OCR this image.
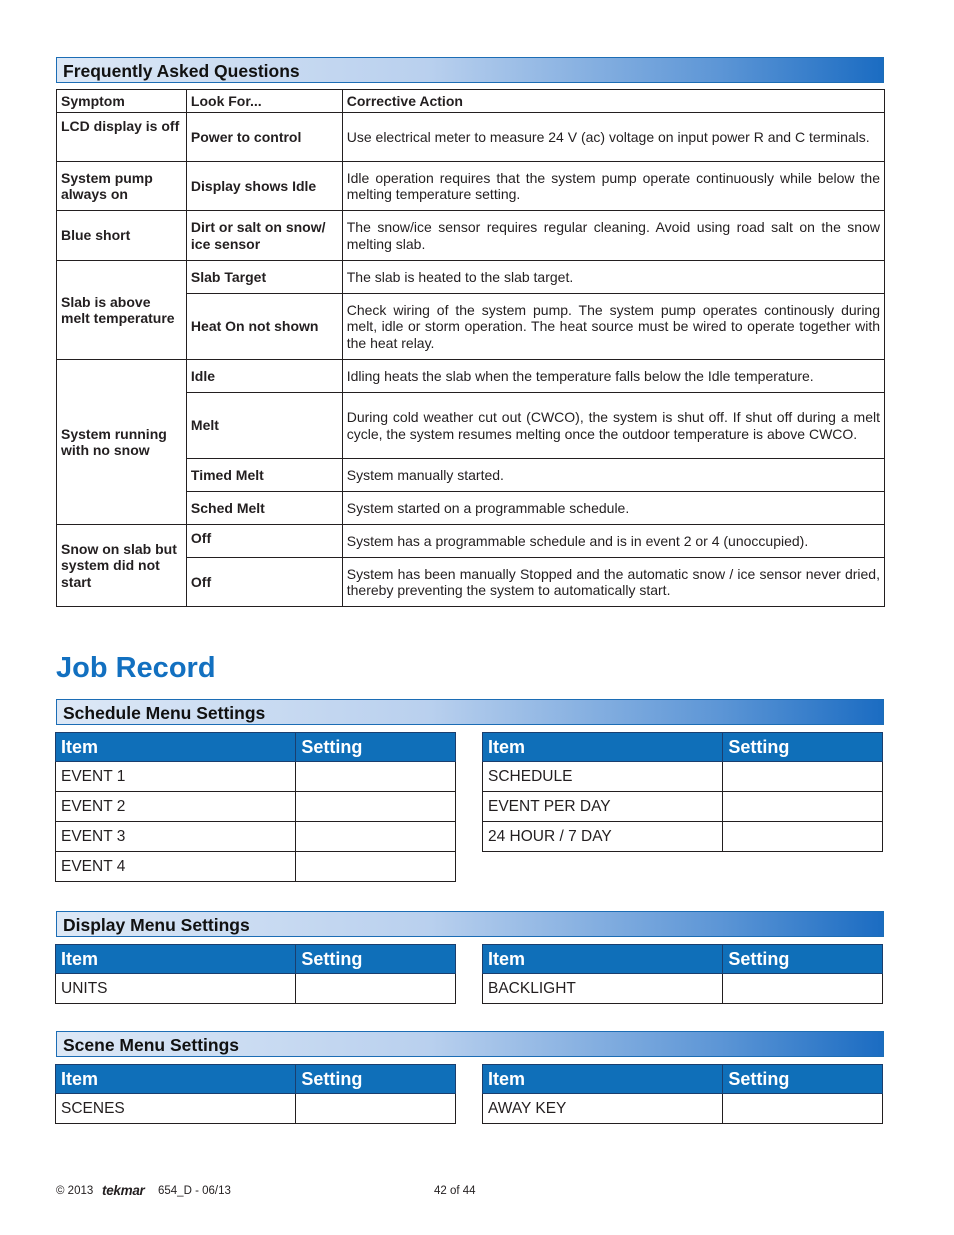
Frequently Asked Questions
Symptom	Look For...	Corrective Action
LCD display is off	Power to control	Use electrical meter to measure 24 V (ac) voltage on input power R and C terminals.
System pump always on	Display shows Idle	Idle operation requires that the system pump operate continuously while below the melting temperature setting.
Blue short	Dirt or salt on snow/ ice sensor	The snow/ice sensor requires regular cleaning. Avoid using road salt on the snow melting slab.
Slab is above melt temperature	Slab Target	The slab is heated to the slab target.
	Heat On not shown	Check wiring of the system pump. The system pump operates continously during melt, idle or storm operation. The heat source must be wired to operate together with the heat relay.
System running with no snow	Idle	Idling heats the slab when the temperature falls below the Idle temperature.
	Melt	During cold weather cut out (CWCO), the system is shut off. If shut off during a melt cycle, the system resumes melting once the outdoor temperature is above CWCO.
	Timed Melt	System manually started.
	Sched Melt	System started on a programmable schedule.
Snow on slab but system did not start	Off	System has a programmable schedule and is in event 2 or 4 (unoccupied).
	Off	System has been manually Stopped and the automatic snow / ice sensor never dried, thereby preventing the system to automatically start.
Job Record
Schedule Menu Settings
Item	Setting
EVENT 1	
EVENT 2	
EVENT 3	
EVENT 4	
Item	Setting
SCHEDULE	
EVENT PER DAY	
24 HOUR / 7 DAY	
Display Menu Settings
Item	Setting
UNITS	
Item	Setting
BACKLIGHT	
Scene Menu Settings
Item	Setting
SCENES	
Item	Setting
AWAY KEY	
© 2013 tekmar 654_D - 06/13	42 of 44
